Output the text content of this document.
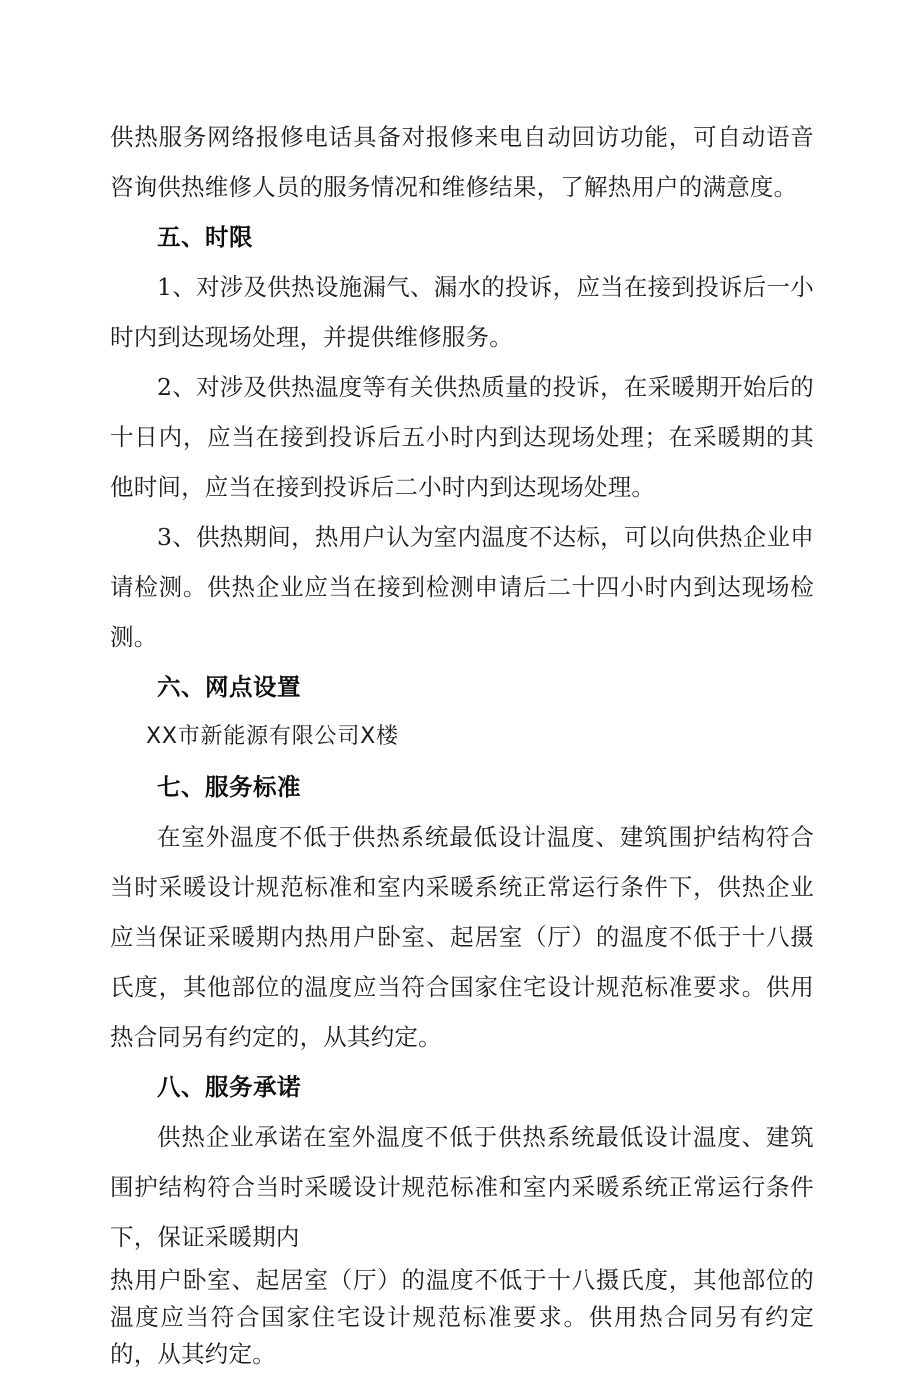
供热服务网络报修电话具备对报修来电自动回访功能，可自动语音咨询供热维修人员的服务情况和维修结果，了解热用户的满意度。

五、时限

1、对涉及供热设施漏气、漏水的投诉，应当在接到投诉后一小时内到达现场处理，并提供维修服务。

2、对涉及供热温度等有关供热质量的投诉，在采暖期开始后的十日内，应当在接到投诉后五小时内到达现场处理；在采暖期的其他时间，应当在接到投诉后二小时内到达现场处理。

3、供热期间，热用户认为室内温度不达标，可以向供热企业申请检测。供热企业应当在接到检测申请后二十四小时内到达现场检测。

六、网点设置

XX市新能源有限公司X楼

七、服务标准

在室外温度不低于供热系统最低设计温度、建筑围护结构符合当时采暖设计规范标准和室内采暖系统正常运行条件下，供热企业应当保证采暖期内热用户卧室、起居室（厅）的温度不低于十八摄氏度，其他部位的温度应当符合国家住宅设计规范标准要求。供用热合同另有约定的，从其约定。

八、服务承诺

供热企业承诺在室外温度不低于供热系统最低设计温度、建筑围护结构符合当时采暖设计规范标准和室内采暖系统正常运行条件下，保证采暖期内

热用户卧室、起居室（厅）的温度不低于十八摄氏度，其他部位的温度应当符合国家住宅设计规范标准要求。供用热合同另有约定的，从其约定。
